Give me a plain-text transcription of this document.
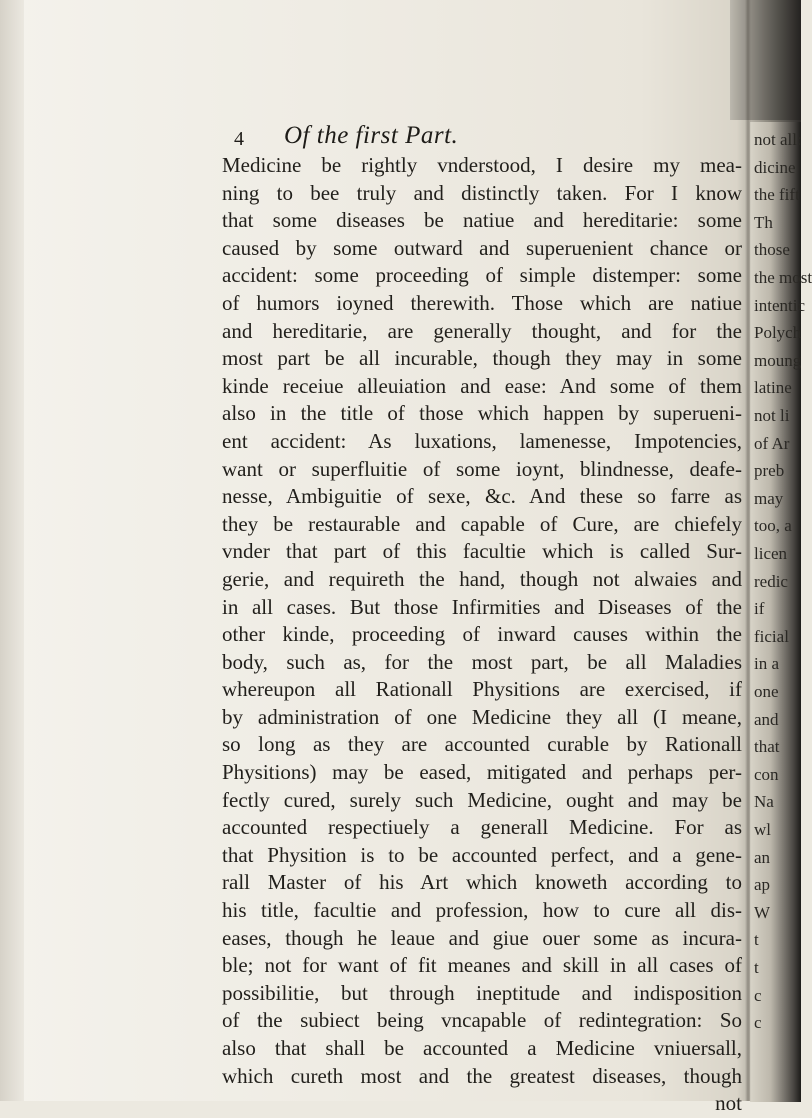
4 Of the first Part.
Medicine be rightly vnderstood, I desire my mea-
ning to bee truly and distinctly taken. For I know
that some diseases be natiue and hereditarie: some
caused by some outward and superuenient chance or
accident: some proceeding of simple distemper: some
of humors ioyned therewith. Those which are natiue
and hereditarie, are generally thought, and for the
most part be all incurable, though they may in some
kinde receiue alleuiation and ease: And some of them
also in the title of those which happen by superueni-
ent accident: As luxations, lamenesse, Impotencies,
want or superfluitie of some ioynt, blindnesse, deafe-
nesse, Ambiguitie of sexe, &c. And these so farre as
they be restaurable and capable of Cure, are chiefely
vnder that part of this facultie which is called Sur-
gerie, and requireth the hand, though not alwaies and
in all cases. But those Infirmities and Diseases of the
other kinde, proceeding of inward causes within the
body, such as, for the most part, be all Maladies
whereupon all Rationall Physitions are exercised, if
by administration of one Medicine they all (I meane,
so long as they are accounted curable by Rationall
Physitions) may be eased, mitigated and perhaps per-
fectly cured, surely such Medicine, ought and may be
accounted respectiuely a generall Medicine. For as
that Physition is to be accounted perfect, and a gene-
rall Master of his Art which knoweth according to
his title, facultie and profession, how to cure all dis-
eases, though he leaue and giue ouer some as incura-
ble; not for want of fit meanes and skill in all cases of
possibilitie, but through ineptitude and indisposition
of the subiect being vncapable of redintegration: So
also that shall be accounted a Medicine vniuersall,
which cureth most and the greatest diseases, though
not
not all:
dicine
the fift
Th
those
the most
intentic
Polych
moung
latine
not li
of Ar
preb
may
too, a
licen
redic
if
ficial
in a
one
and
that
con
Na
wl
an
ap
W
t
t
c
c
